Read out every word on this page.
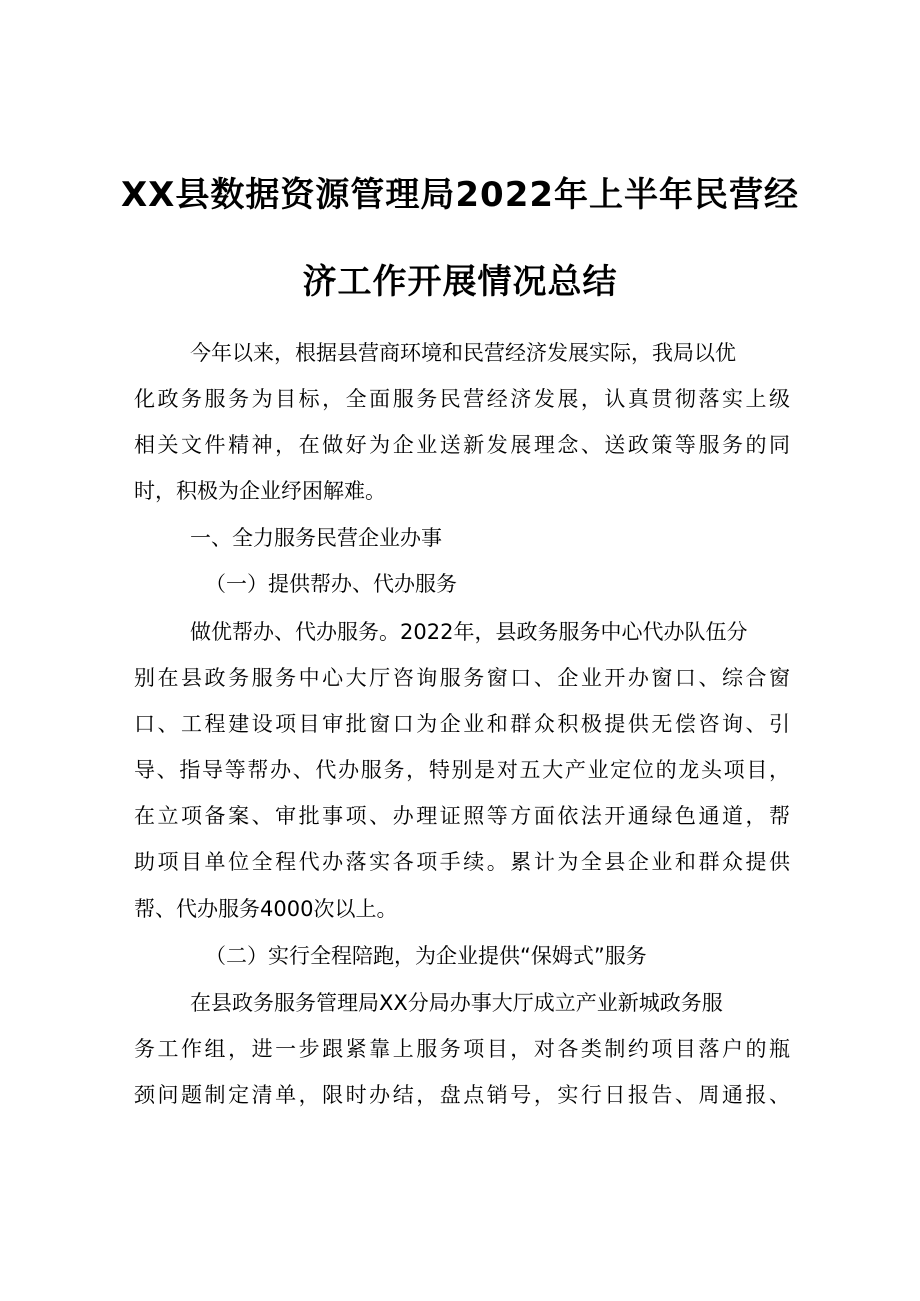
XX县数据资源管理局2022年上半年民营经
济工作开展情况总结

今年以来，根据县营商环境和民营经济发展实际，我局以优

化政务服务为目标，全面服务民营经济发展，认真贯彻落实上级

相关文件精神，在做好为企业送新发展理念、送政策等服务的同

时，积极为企业纾困解难。

一、全力服务民营企业办事

（一）提供帮办、代办服务

做优帮办、代办服务。2022年，县政务服务中心代办队伍分

别在县政务服务中心大厅咨询服务窗口、企业开办窗口、综合窗

口、工程建设项目审批窗口为企业和群众积极提供无偿咨询、引

导、指导等帮办、代办服务，特别是对五大产业定位的龙头项目，

在立项备案、审批事项、办理证照等方面依法开通绿色通道，帮

助项目单位全程代办落实各项手续。累计为全县企业和群众提供

帮、代办服务4000次以上。

（二）实行全程陪跑，为企业提供“保姆式”服务

在县政务服务管理局XX分局办事大厅成立产业新城政务服

务工作组，进一步跟紧靠上服务项目，对各类制约项目落户的瓶

颈问题制定清单，限时办结，盘点销号，实行日报告、周通报、
